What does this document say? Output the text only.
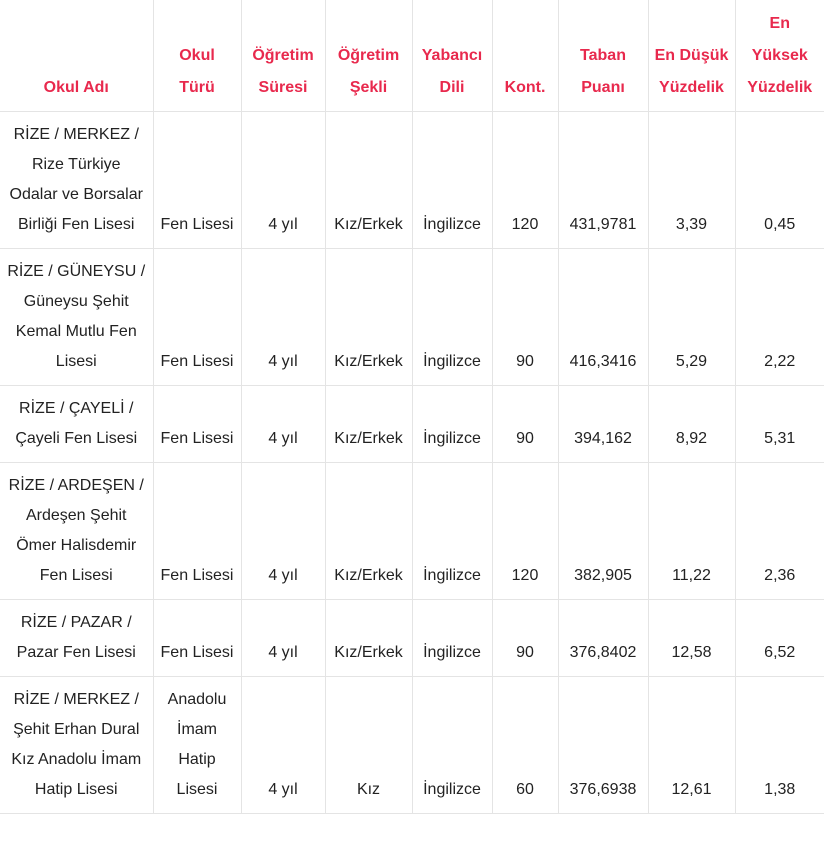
Okul Adı	Okul Türü	Öğretim Süresi	Öğretim Şekli	Yabancı Dili	Kont.	Taban Puanı	En Düşük Yüzdelik	En Yüksek Yüzdelik
RİZE / MERKEZ / Rize Türkiye Odalar ve Borsalar Birliği Fen Lisesi	Fen Lisesi	4 yıl	Kız/Erkek	İngilizce	120	431,9781	3,39	0,45
RİZE / GÜNEYSU / Güneysu Şehit Kemal Mutlu Fen Lisesi	Fen Lisesi	4 yıl	Kız/Erkek	İngilizce	90	416,3416	5,29	2,22
RİZE / ÇAYELİ / Çayeli Fen Lisesi	Fen Lisesi	4 yıl	Kız/Erkek	İngilizce	90	394,162	8,92	5,31
RİZE / ARDEŞEN / Ardeşen Şehit Ömer Halisdemir Fen Lisesi	Fen Lisesi	4 yıl	Kız/Erkek	İngilizce	120	382,905	11,22	2,36
RİZE / PAZAR / Pazar Fen Lisesi	Fen Lisesi	4 yıl	Kız/Erkek	İngilizce	90	376,8402	12,58	6,52
RİZE / MERKEZ / Şehit Erhan Dural Kız Anadolu İmam Hatip Lisesi	Anadolu İmam Hatip Lisesi	4 yıl	Kız	İngilizce	60	376,6938	12,61	1,38
